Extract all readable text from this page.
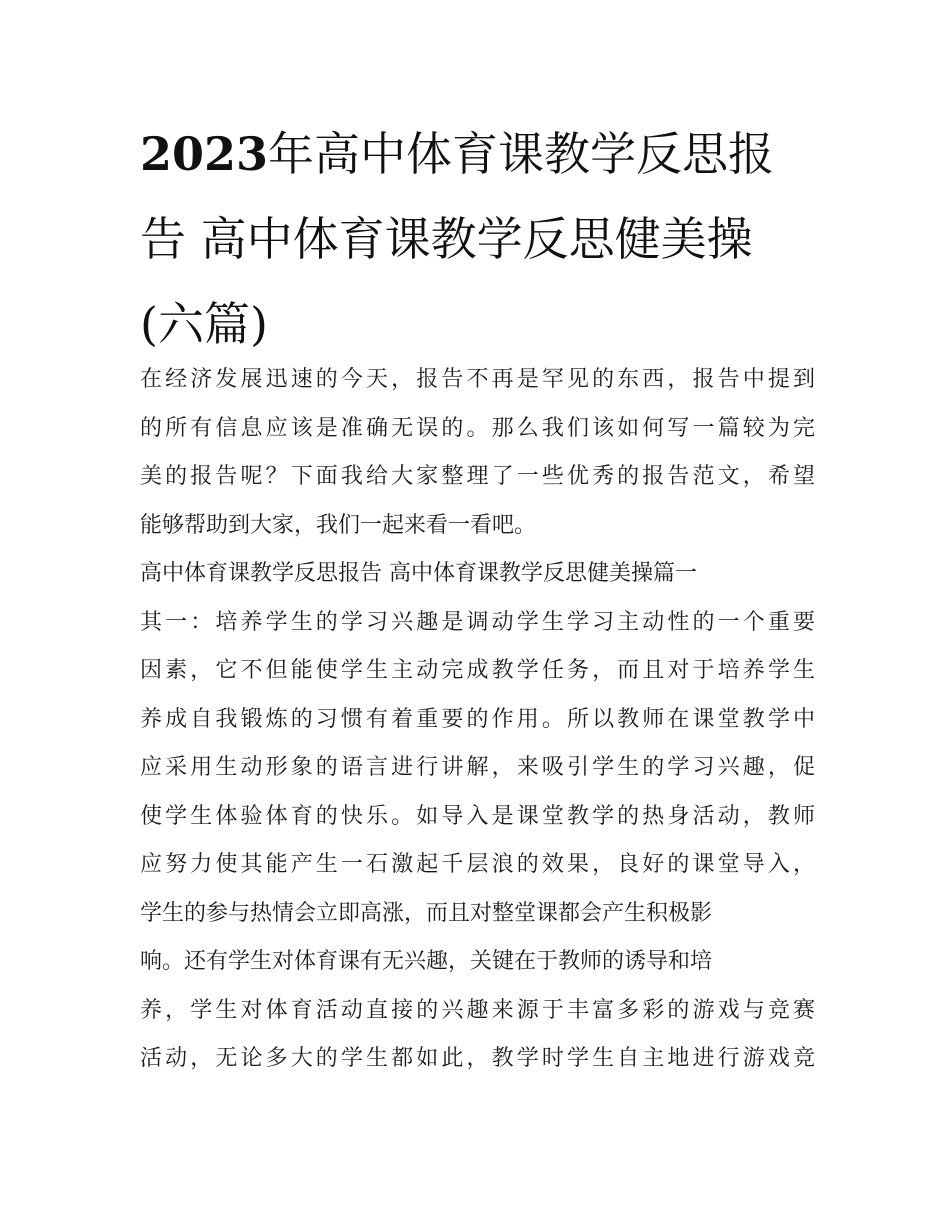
2023年高中体育课教学反思报告 高中体育课教学反思健美操(六篇)
在经济发展迅速的今天，报告不再是罕见的东西，报告中提到
的所有信息应该是准确无误的。那么我们该如何写一篇较为完
美的报告呢？下面我给大家整理了一些优秀的报告范文，希望
能够帮助到大家，我们一起来看一看吧。
高中体育课教学反思报告 高中体育课教学反思健美操篇一
其一：培养学生的学习兴趣是调动学生学习主动性的一个重要
因素，它不但能使学生主动完成教学任务，而且对于培养学生
养成自我锻炼的习惯有着重要的作用。所以教师在课堂教学中
应采用生动形象的语言进行讲解，来吸引学生的学习兴趣，促
使学生体验体育的快乐。如导入是课堂教学的热身活动，教师
应努力使其能产生一石激起千层浪的效果，良好的课堂导入，
学生的参与热情会立即高涨，而且对整堂课都会产生积极影
响。还有学生对体育课有无兴趣，关键在于教师的诱导和培
养，学生对体育活动直接的兴趣来源于丰富多彩的游戏与竞赛
活动，无论多大的学生都如此，教学时学生自主地进行游戏竞
